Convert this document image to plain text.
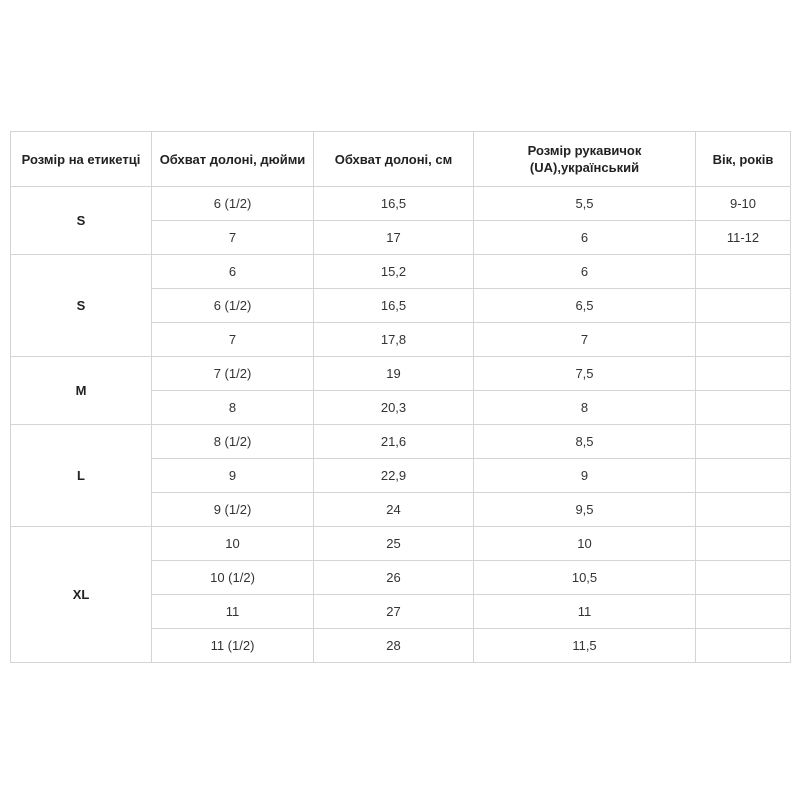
Розмір на етикетці	Обхват долоні, дюйми	Обхват долоні, см	Розмір рукавичок (UA),український	Вік, років
S	6 (1/2)	16,5	5,5	9-10
	7	17	6	11-12
S	6	15,2	6	
	6 (1/2)	16,5	6,5	
	7	17,8	7	
M	7 (1/2)	19	7,5	
	8	20,3	8	
L	8 (1/2)	21,6	8,5	
	9	22,9	9	
	9 (1/2)	24	9,5	
XL	10	25	10	
	10 (1/2)	26	10,5	
	11	27	11	
	11 (1/2)	28	11,5	
